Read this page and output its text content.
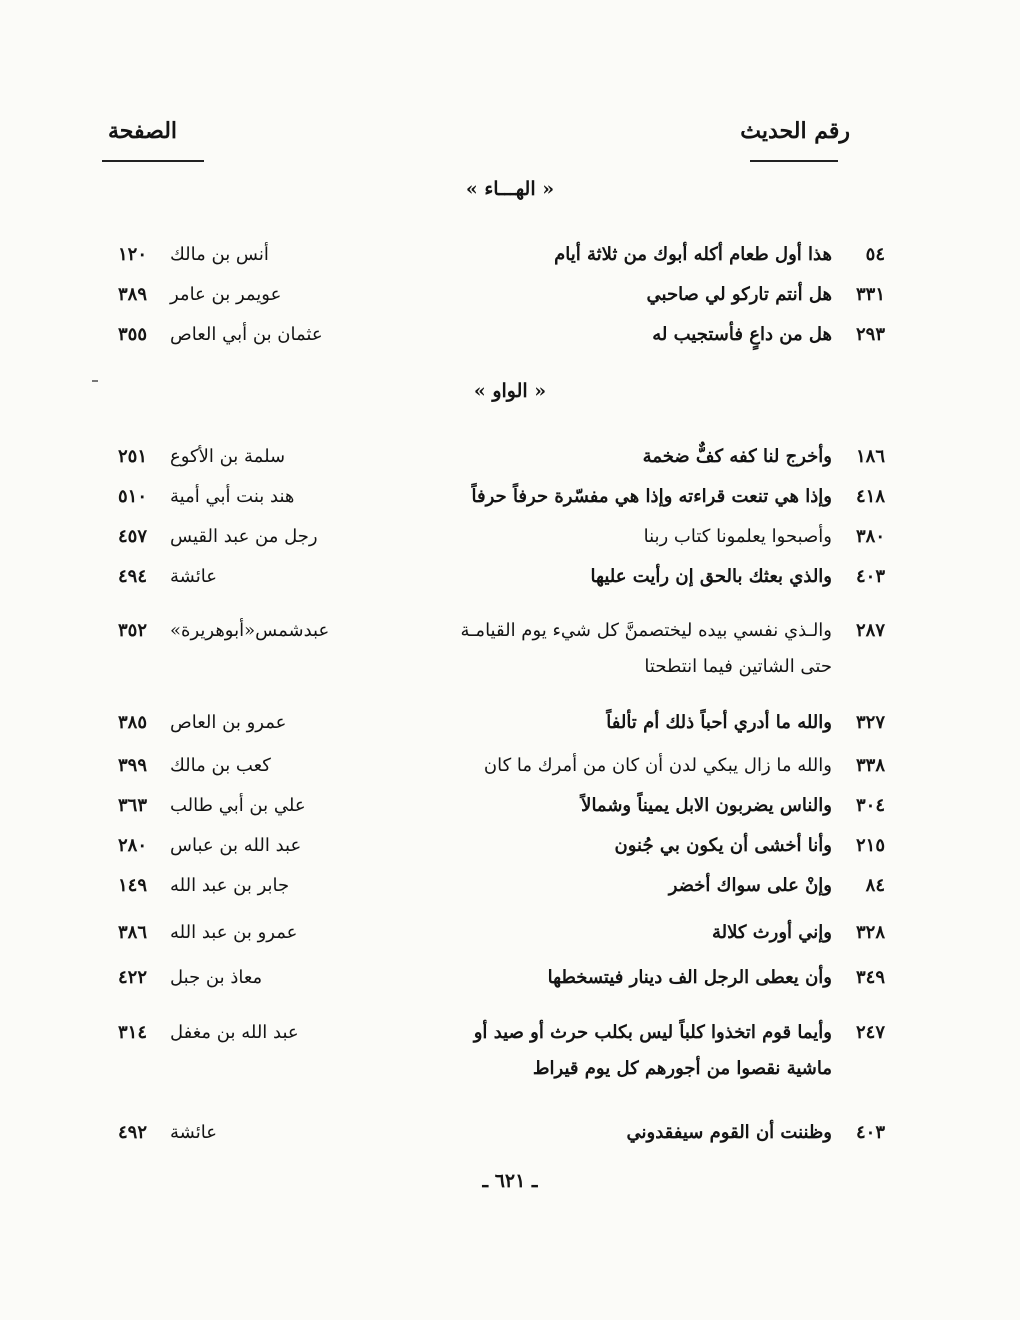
رقم الحديث
الصفحة
« الهـــاء »
٥٤
هذا أول طعام أكله أبوك من ثلاثة أيام
أنس بن مالك
١٢٠
٣٣١
هل أنتم تاركو لي صاحبي
عويمر بن عامر
٣٨٩
٢٩٣
هل من داعٍ فأستجيب له
عثمان بن أبي العاص
٣٥٥
« الواو »
١٨٦
وأخرج لنا كفه كفٌّ ضخمة
سلمة بن الأكوع
٢٥١
٤١٨
وإذا هي تنعت قراءته وإذا هي مفسّرة حرفاً حرفاً
هند بنت أبي أمية
٥١٠
٣٨٠
وأصبحوا يعلمونا كتاب ربنا
رجل من عبد القيس
٤٥٧
٤٠٣
والذي بعثك بالحق إن رأيت عليها
عائشة
٤٩٤
٢٨٧
والـذي نفسي بيده ليختصمنَّ كل شيء يوم القيامـة
حتى الشاتين فيما انتطحتا
عبدشمس«أبوهريرة»
٣٥٢
٣٢٧
والله ما أدري أحباً ذلك أم تألفاً
عمرو بن العاص
٣٨٥
٣٣٨
والله ما زال يبكي لدن أن كان من أمرك ما كان
كعب بن مالك
٣٩٩
٣٠٤
والناس يضربون الابل يميناً وشمالاً
علي بن أبي طالب
٣٦٣
٢١٥
وأنا أخشى أن يكون بي جُنون
عبد الله بن عباس
٢٨٠
٨٤
وإنْ على سواك أخضر
جابر بن عبد الله
١٤٩
٣٢٨
وإني أورث كلالة
عمرو بن عبد الله
٣٨٦
٣٤٩
وأن يعطى الرجل الف دينار فيتسخطها
معاذ بن جبل
٤٢٢
٢٤٧
وأيما قوم اتخذوا كلباً ليس بكلب حرث أو صيد أو
ماشية نقصوا من أجورهم كل يوم قيراط
عبد الله بن مغفل
٣١٤
٤٠٣
وظننت أن القوم سيفقدوني
عائشة
٤٩٢
ـ ٦٢١ ـ
